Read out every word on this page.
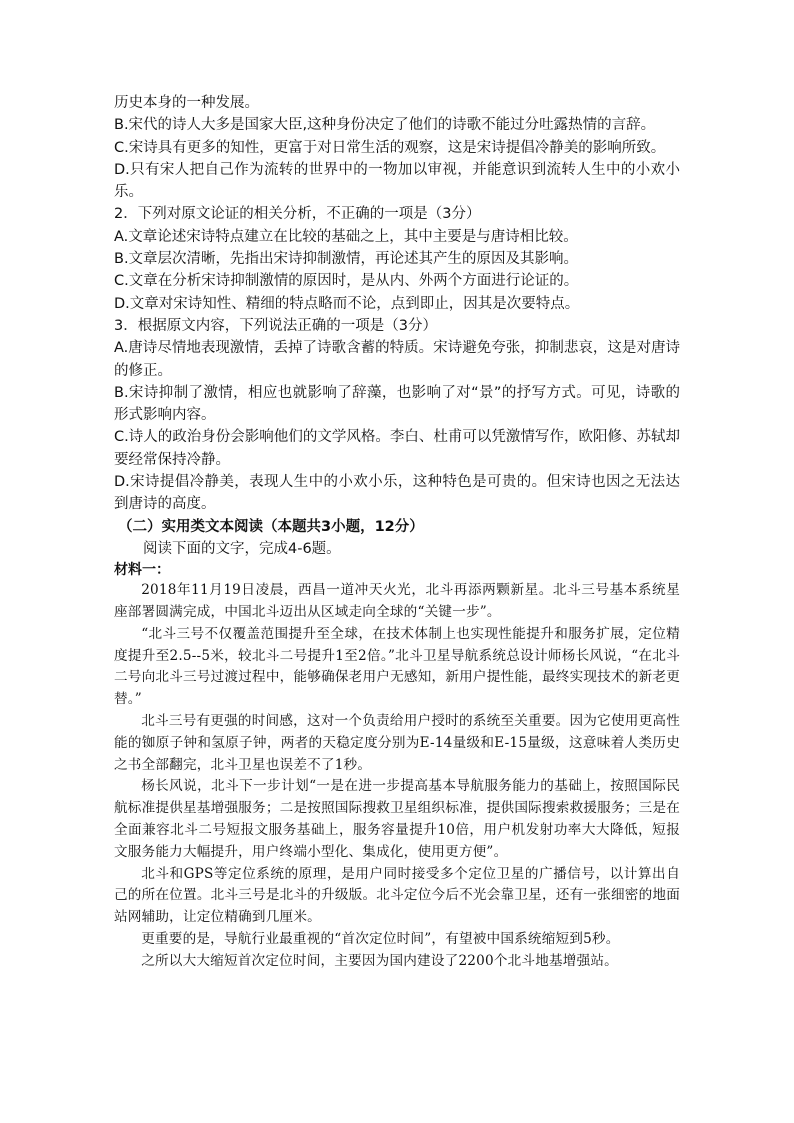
历史本身的一种发展。

B.宋代的诗人大多是国家大臣,这种身份决定了他们的诗歌不能过分吐露热情的言辞。

C.宋诗具有更多的知性，更富于对日常生活的观察，这是宋诗提倡冷静美的影响所致。

D.只有宋人把自己作为流转的世界中的一物加以审视，并能意识到流转人生中的小欢小乐。

2．下列对原文论证的相关分析，不正确的一项是（3分）

A.文章论述宋诗特点建立在比较的基础之上，其中主要是与唐诗相比较。

B.文章层次清晰，先指出宋诗抑制激情，再论述其产生的原因及其影响。

C.文章在分析宋诗抑制激情的原因时，是从内、外两个方面进行论证的。

D.文章对宋诗知性、精细的特点略而不论，点到即止，因其是次要特点。

3．根据原文内容，下列说法正确的一项是（3分）

A.唐诗尽情地表现激情，丢掉了诗歌含蓄的特质。宋诗避免夸张，抑制悲哀，这是对唐诗的修正。

B.宋诗抑制了激情，相应也就影响了辞藻，也影响了对“景”的抒写方式。可见，诗歌的形式影响内容。

C.诗人的政治身份会影响他们的文学风格。李白、杜甫可以凭激情写作，欧阳修、苏轼却要经常保持冷静。

D.宋诗提倡冷静美，表现人生中的小欢小乐，这种特色是可贵的。但宋诗也因之无法达到唐诗的高度。

（二）实用类文本阅读（本题共3小题，12分）

阅读下面的文字，完成4-6题。

材料一：

2018年11月19日凌晨，西昌一道冲天火光，北斗再添两颗新星。北斗三号基本系统星座部署圆满完成，中国北斗迈出从区域走向全球的“关键一步”。

“北斗三号不仅覆盖范围提升至全球，在技术体制上也实现性能提升和服务扩展，定位精度提升至2.5--5米，较北斗二号提升1至2倍。”北斗卫星导航系统总设计师杨长风说，“在北斗二号向北斗三号过渡过程中，能够确保老用户无感知，新用户提性能，最终实现技术的新老更替。”

北斗三号有更强的时间感，这对一个负责给用户授时的系统至关重要。因为它使用更高性能的铷原子钟和氢原子钟，两者的天稳定度分别为E-14量级和E-15量级，这意味着人类历史之书全部翻完，北斗卫星也误差不了1秒。

杨长风说，北斗下一步计划“一是在进一步提高基本导航服务能力的基础上，按照国际民航标准提供星基增强服务；二是按照国际搜救卫星组织标准，提供国际搜索救援服务；三是在全面兼容北斗二号短报文服务基础上，服务容量提升10倍，用户机发射功率大大降低，短报文服务能力大幅提升，用户终端小型化、集成化，使用更方便”。

北斗和GPS等定位系统的原理，是用户同时接受多个定位卫星的广播信号，以计算出自己的所在位置。北斗三号是北斗的升级版。北斗定位今后不光会靠卫星，还有一张细密的地面站网辅助，让定位精确到几厘米。

更重要的是，导航行业最重视的“首次定位时间”，有望被中国系统缩短到5秒。

之所以大大缩短首次定位时间，主要因为国内建设了2200个北斗地基增强站。
